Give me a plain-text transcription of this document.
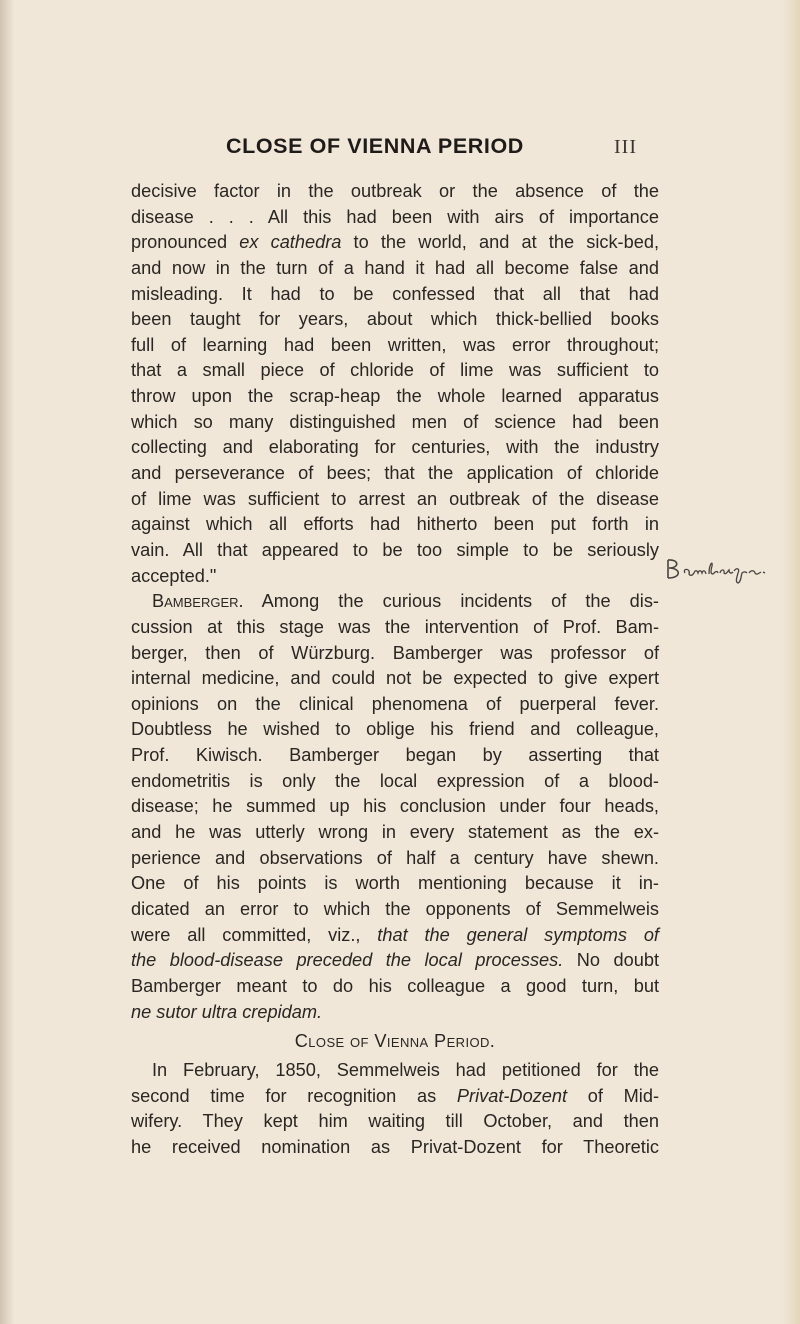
CLOSE OF VIENNA PERIOD	III
decisive factor in the outbreak or the absence of the
disease . . . All this had been with airs of importance
pronounced ex cathedra to the world, and at the sick-bed,
and now in the turn of a hand it had all become false and
misleading. It had to be confessed that all that had
been taught for years, about which thick-bellied books
full of learning had been written, was error throughout;
that a small piece of chloride of lime was sufficient to
throw upon the scrap-heap the whole learned apparatus
which so many distinguished men of science had been
collecting and elaborating for centuries, with the industry
and perseverance of bees; that the application of chloride
of lime was sufficient to arrest an outbreak of the disease
against which all efforts had hitherto been put forth in
vain. All that appeared to be too simple to be seriously
accepted."
Bamberger. Among the curious incidents of the dis-
cussion at this stage was the intervention of Prof. Bam-
berger, then of Würzburg. Bamberger was professor of
internal medicine, and could not be expected to give expert
opinions on the clinical phenomena of puerperal fever.
Doubtless he wished to oblige his friend and colleague,
Prof. Kiwisch. Bamberger began by asserting that
endometritis is only the local expression of a blood-
disease; he summed up his conclusion under four heads,
and he was utterly wrong in every statement as the ex-
perience and observations of half a century have shewn.
One of his points is worth mentioning because it in-
dicated an error to which the opponents of Semmelweis
were all committed, viz., that the general symptoms of
the blood-disease preceded the local processes. No doubt
Bamberger meant to do his colleague a good turn, but
ne sutor ultra crepidam.
Close of Vienna Period.
In February, 1850, Semmelweis had petitioned for the
second time for recognition as Privat-Dozent of Mid-
wifery. They kept him waiting till October, and then
he received nomination as Privat-Dozent for Theoretic
